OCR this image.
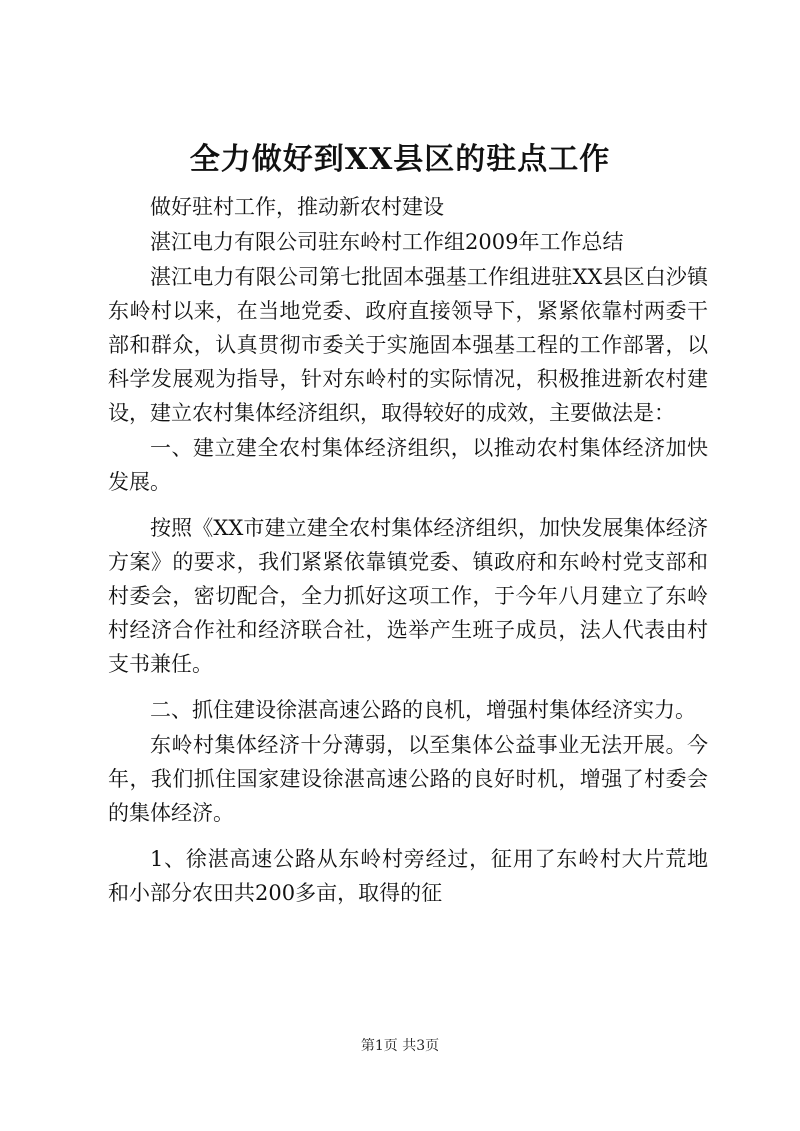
全力做好到XX县区的驻点工作

做好驻村工作，推动新农村建设

湛江电力有限公司驻东岭村工作组2009年工作总结

湛江电力有限公司第七批固本强基工作组进驻XX县区白沙镇东岭村以来，在当地党委、政府直接领导下，紧紧依靠村两委干部和群众，认真贯彻市委关于实施固本强基工程的工作部署，以科学发展观为指导，针对东岭村的实际情况，积极推进新农村建设，建立农村集体经济组织，取得较好的成效，主要做法是：

一、建立建全农村集体经济组织，以推动农村集体经济加快发展。

按照《XX市建立建全农村集体经济组织，加快发展集体经济方案》的要求，我们紧紧依靠镇党委、镇政府和东岭村党支部和村委会，密切配合，全力抓好这项工作，于今年八月建立了东岭村经济合作社和经济联合社，选举产生班子成员，法人代表由村支书兼任。

二、抓住建设徐湛高速公路的良机，增强村集体经济实力。

东岭村集体经济十分薄弱，以至集体公益事业无法开展。今年，我们抓住国家建设徐湛高速公路的良好时机，增强了村委会的集体经济。

1、徐湛高速公路从东岭村旁经过，征用了东岭村大片荒地和小部分农田共200多亩，取得的征

第1页 共3页
